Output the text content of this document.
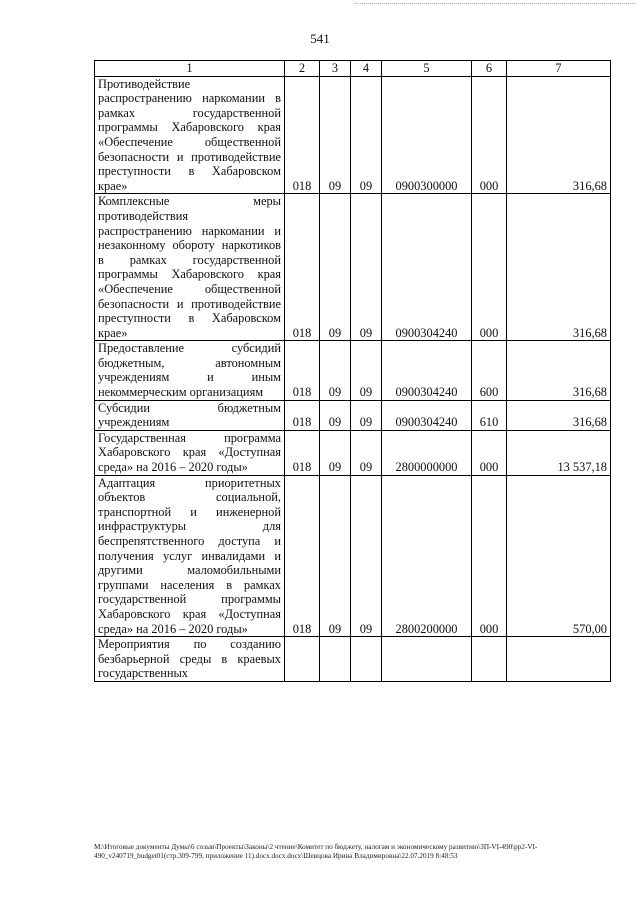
541
1	2	3	4	5	6	7
Противодействие распространению наркомании в рамках государственной программы Хабаровского края «Обеспечение общественной безопасности и противодействие преступности в Хабаровском крае»	018	09	09	0900300000	000	316,68
Комплексные меры противодействия распространению наркомании и незаконному обороту наркотиков в рамках государственной программы Хабаровского края «Обеспечение общественной безопасности и противодействие преступности в Хабаровском крае»	018	09	09	0900304240	000	316,68
Предоставление субсидий бюджетным, автономным учреждениям и иным некоммерческим организациям	018	09	09	0900304240	600	316,68
Субсидии бюджетным учреждениям	018	09	09	0900304240	610	316,68
Государственная программа Хабаровского края «Доступная среда» на 2016 – 2020 годы»	018	09	09	2800000000	000	13 537,18
Адаптация приоритетных объектов социальной, транспортной и инженерной инфраструктуры для беспрепятственного доступа и получения услуг инвалидами и другими маломобильными группами населения в рамках государственной программы Хабаровского края «Доступная среда» на 2016 – 2020 годы»	018	09	09	2800200000	000	570,00
Мероприятия по созданию безбарьерной среды в краевых государственных						
M:\Итоговые документы Думы\6 созыв\Проекты\Законы\2 чтение\Комитет по бюджету, налогам и экономическому развитию\ЗП-VI-490\рр2-VI-490_v240719_budget01(стр.309-799, приложение 11).docx.docx.docx\Шевцова Ирина Владимировна\22.07.2019 8:48:53
